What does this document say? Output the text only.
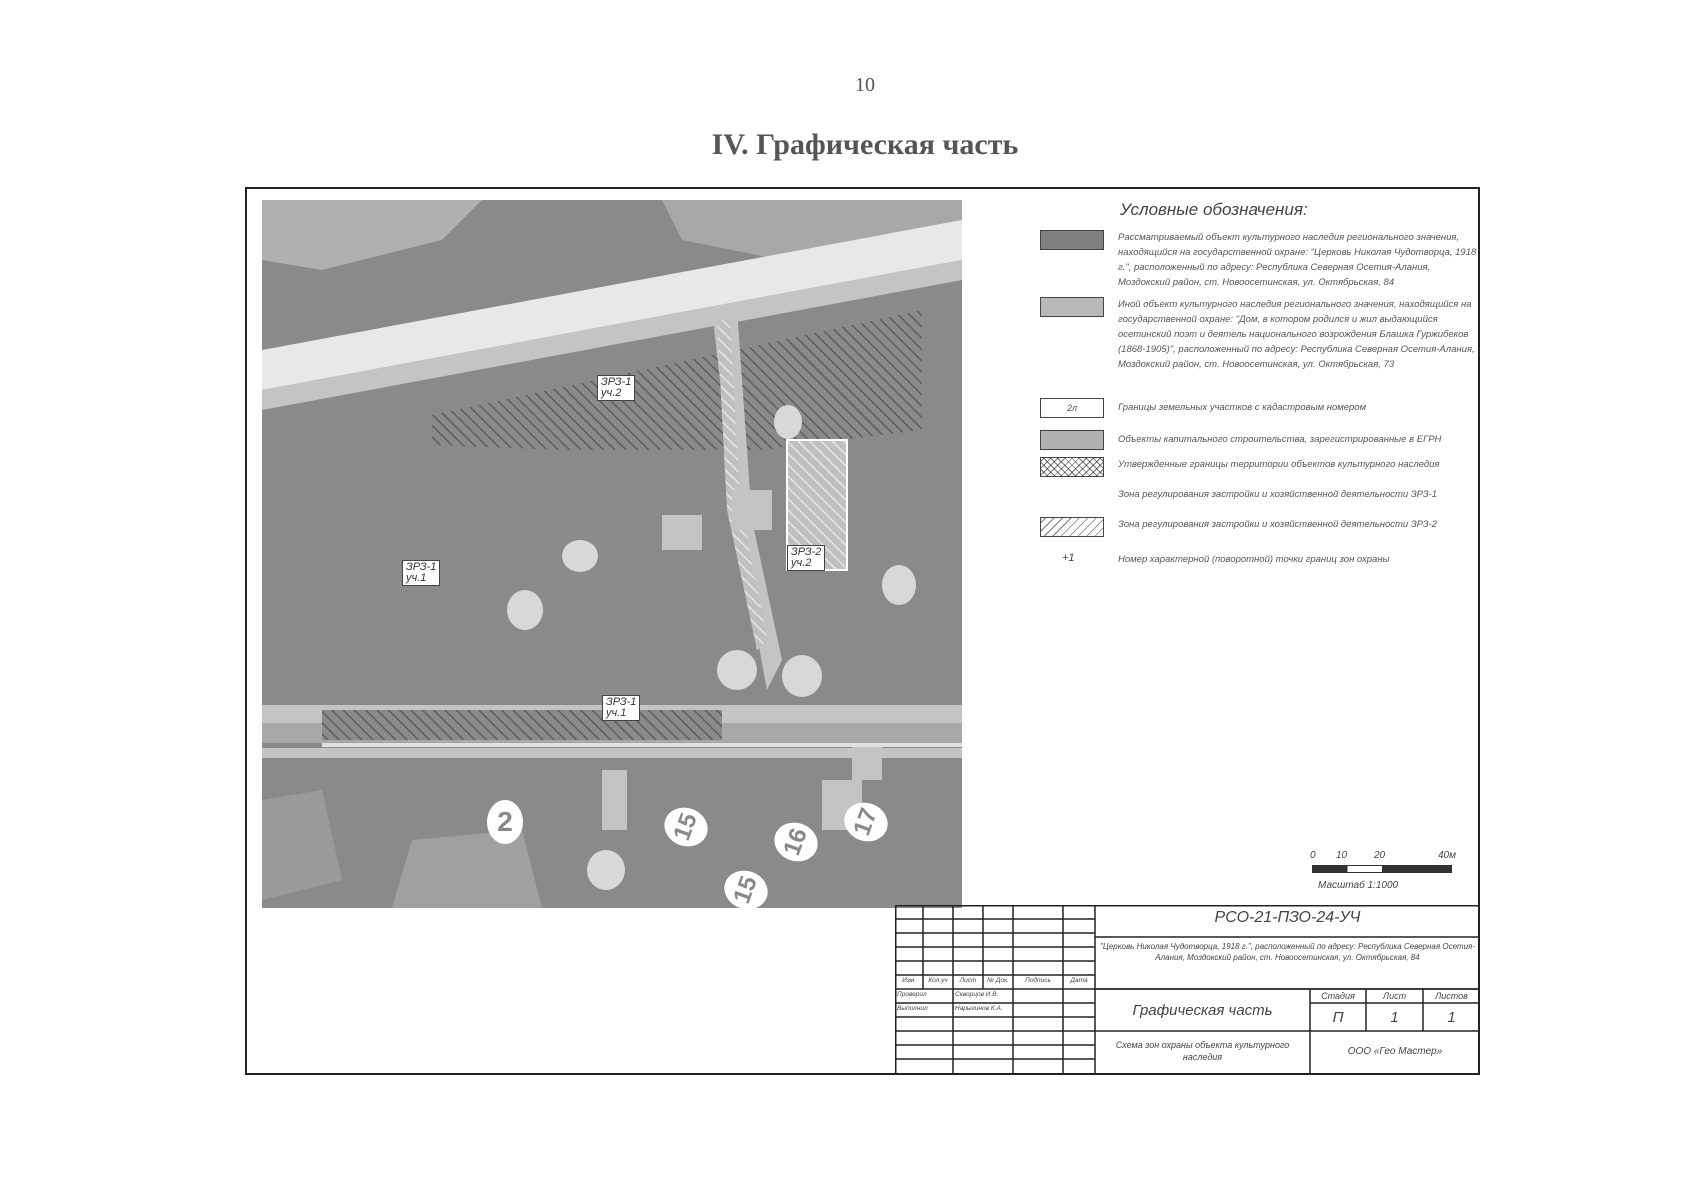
10
IV. Графическая часть
ЗРЗ-1
уч.2
ЗРЗ-1
уч.1
ЗРЗ-2
уч.2
ЗРЗ-1
уч.1
2	15	16
17
15
Условные обозначения:
Рассматриваемый объект культурного наследия регионального значения, находящийся на государственной охране: "Церковь Николая Чудотворца, 1918 г.", расположенный по адресу: Республика Северная Осетия-Алания, Моздокский район, ст. Новоосетинская, ул. Октябрьская, 84
Иной объект культурного наследия регионального значения, находящийся на государственной охране: "Дом, в котором родился и жил выдающийся осетинский поэт и деятель национального возрождения Блашка Гуржибеков (1868-1905)", расположенный по адресу: Республика Северная Осетия-Алания, Моздокский район, ст. Новоосетинская, ул. Октябрьская, 73
2л	Границы земельных участков с кадастровым номером
Объекты капитального строительства, зарегистрированные в ЕГРН
Утвержденные границы территории объектов культурного наследия
Зона регулирования застройки и хозяйственной деятельности ЗРЗ-1
Зона регулирования застройки и хозяйственной деятельности ЗРЗ-2
+1	Номер характерной (поворотной) точки границ зон охраны
0 10	20	40м
Масштаб 1:1000
РСО-21-ПЗО-24-УЧ
"Церковь Николая Чудотворца, 1918 г.", расположенный по адресу: Республика Северная Осетия-Алания, Моздокский район, ст. Новоосетинская, ул. Октябрьская, 84
Изм.	Кол.уч	Лист	№ Док.	Подпись	Дата
Проверил	Скворцов И.В.
Выполнил	Нарыгинов К.А.	Графическая часть
Стадия	Лист	Листов
П	1	1
Схема зон охраны объекта культурного наследия	ООО «Гео Мастер»
